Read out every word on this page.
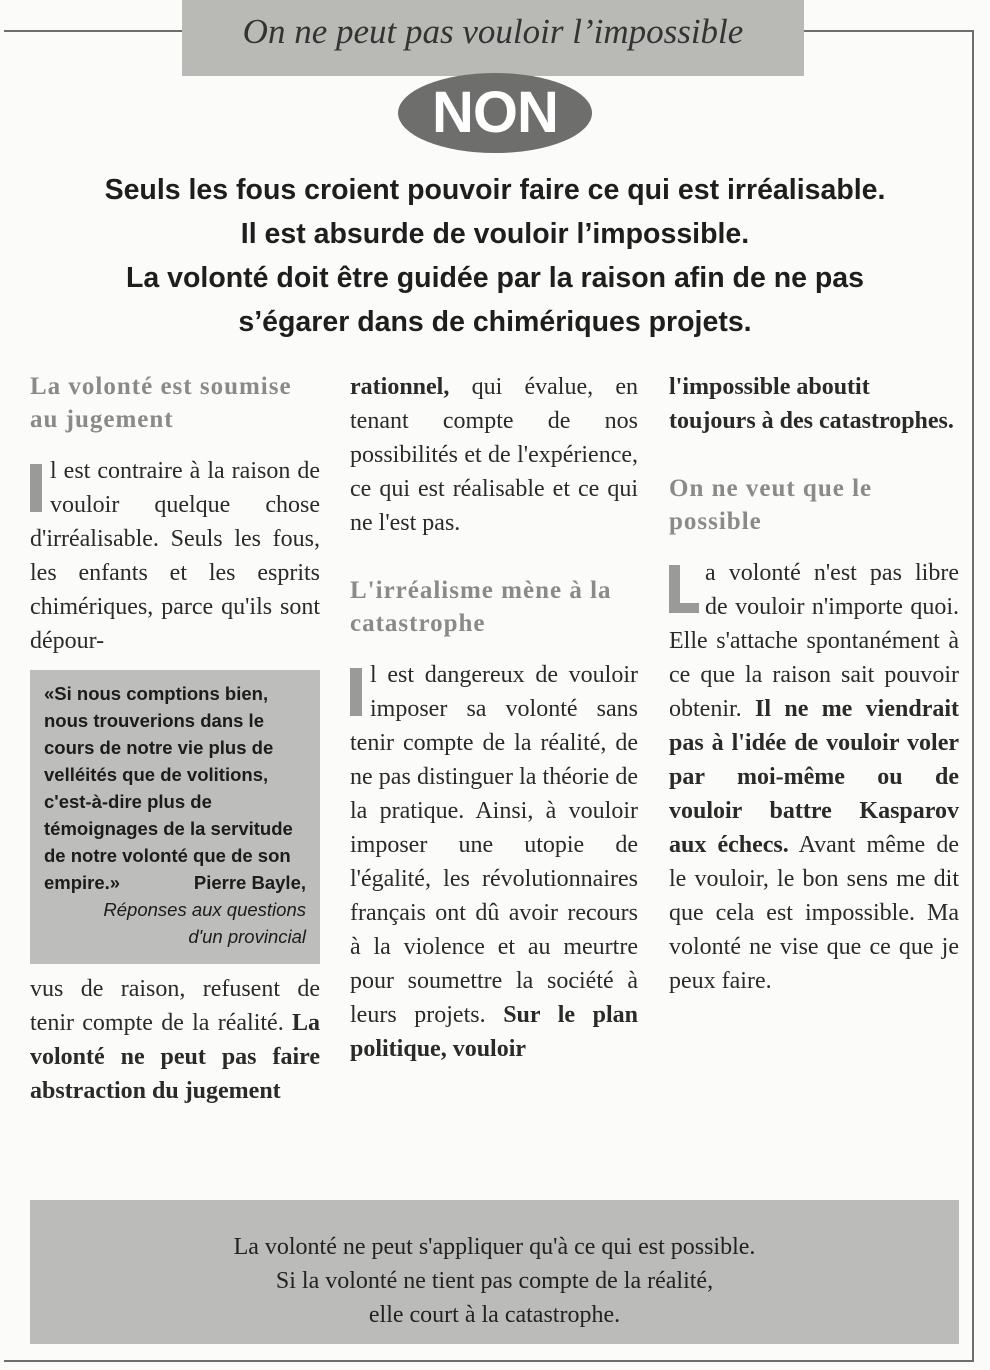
On ne peut pas vouloir l’impossible
NON
Seuls les fous croient pouvoir faire ce qui est irréalisable.
Il est absurde de vouloir l’impossible.
La volonté doit être guidée par la raison afin de ne pas
s’égarer dans de chimériques projets.
La volonté est soumise au jugement

l est contraire à la raison de vouloir quelque chose d'irréalisable. Seuls les fous, les enfants et les esprits chimériques, parce qu'ils sont dépour-

«Si nous comptions bien, nous trouverions dans le cours de notre vie plus de velléités que de volitions, c'est-à-dire plus de témoignages de la servitude de notre volonté que de son empire.»	Pierre Bayle,
Réponses aux questions
d'un provincial

vus de raison, refusent de tenir compte de la réalité. La volonté ne peut pas faire abstraction du jugement

rationnel, qui évalue, en tenant compte de nos possibilités et de l'expérience, ce qui est réalisable et ce qui ne l'est pas.

L'irréalisme mène à la catastrophe

l est dangereux de vouloir imposer sa volonté sans tenir compte de la réalité, de ne pas distinguer la théorie de la pratique. Ainsi, à vouloir imposer une utopie de l'égalité, les révolutionnaires français ont dû avoir recours à la violence et au meurtre pour soumettre la société à leurs projets. Sur le plan politique, vouloir

l'impossible aboutit toujours à des catastrophes.

On ne veut que le possible

a volonté n'est pas libre de vouloir n'importe quoi. Elle s'attache spontanément à ce que la raison sait pouvoir obtenir. Il ne me viendrait pas à l'idée de vouloir voler par moi-même ou de vouloir battre Kasparov aux échecs. Avant même de le vouloir, le bon sens me dit que cela est impossible. Ma volonté ne vise que ce que je peux faire.

La volonté ne peut s'appliquer qu'à ce qui est possible.
Si la volonté ne tient pas compte de la réalité,
elle court à la catastrophe.
